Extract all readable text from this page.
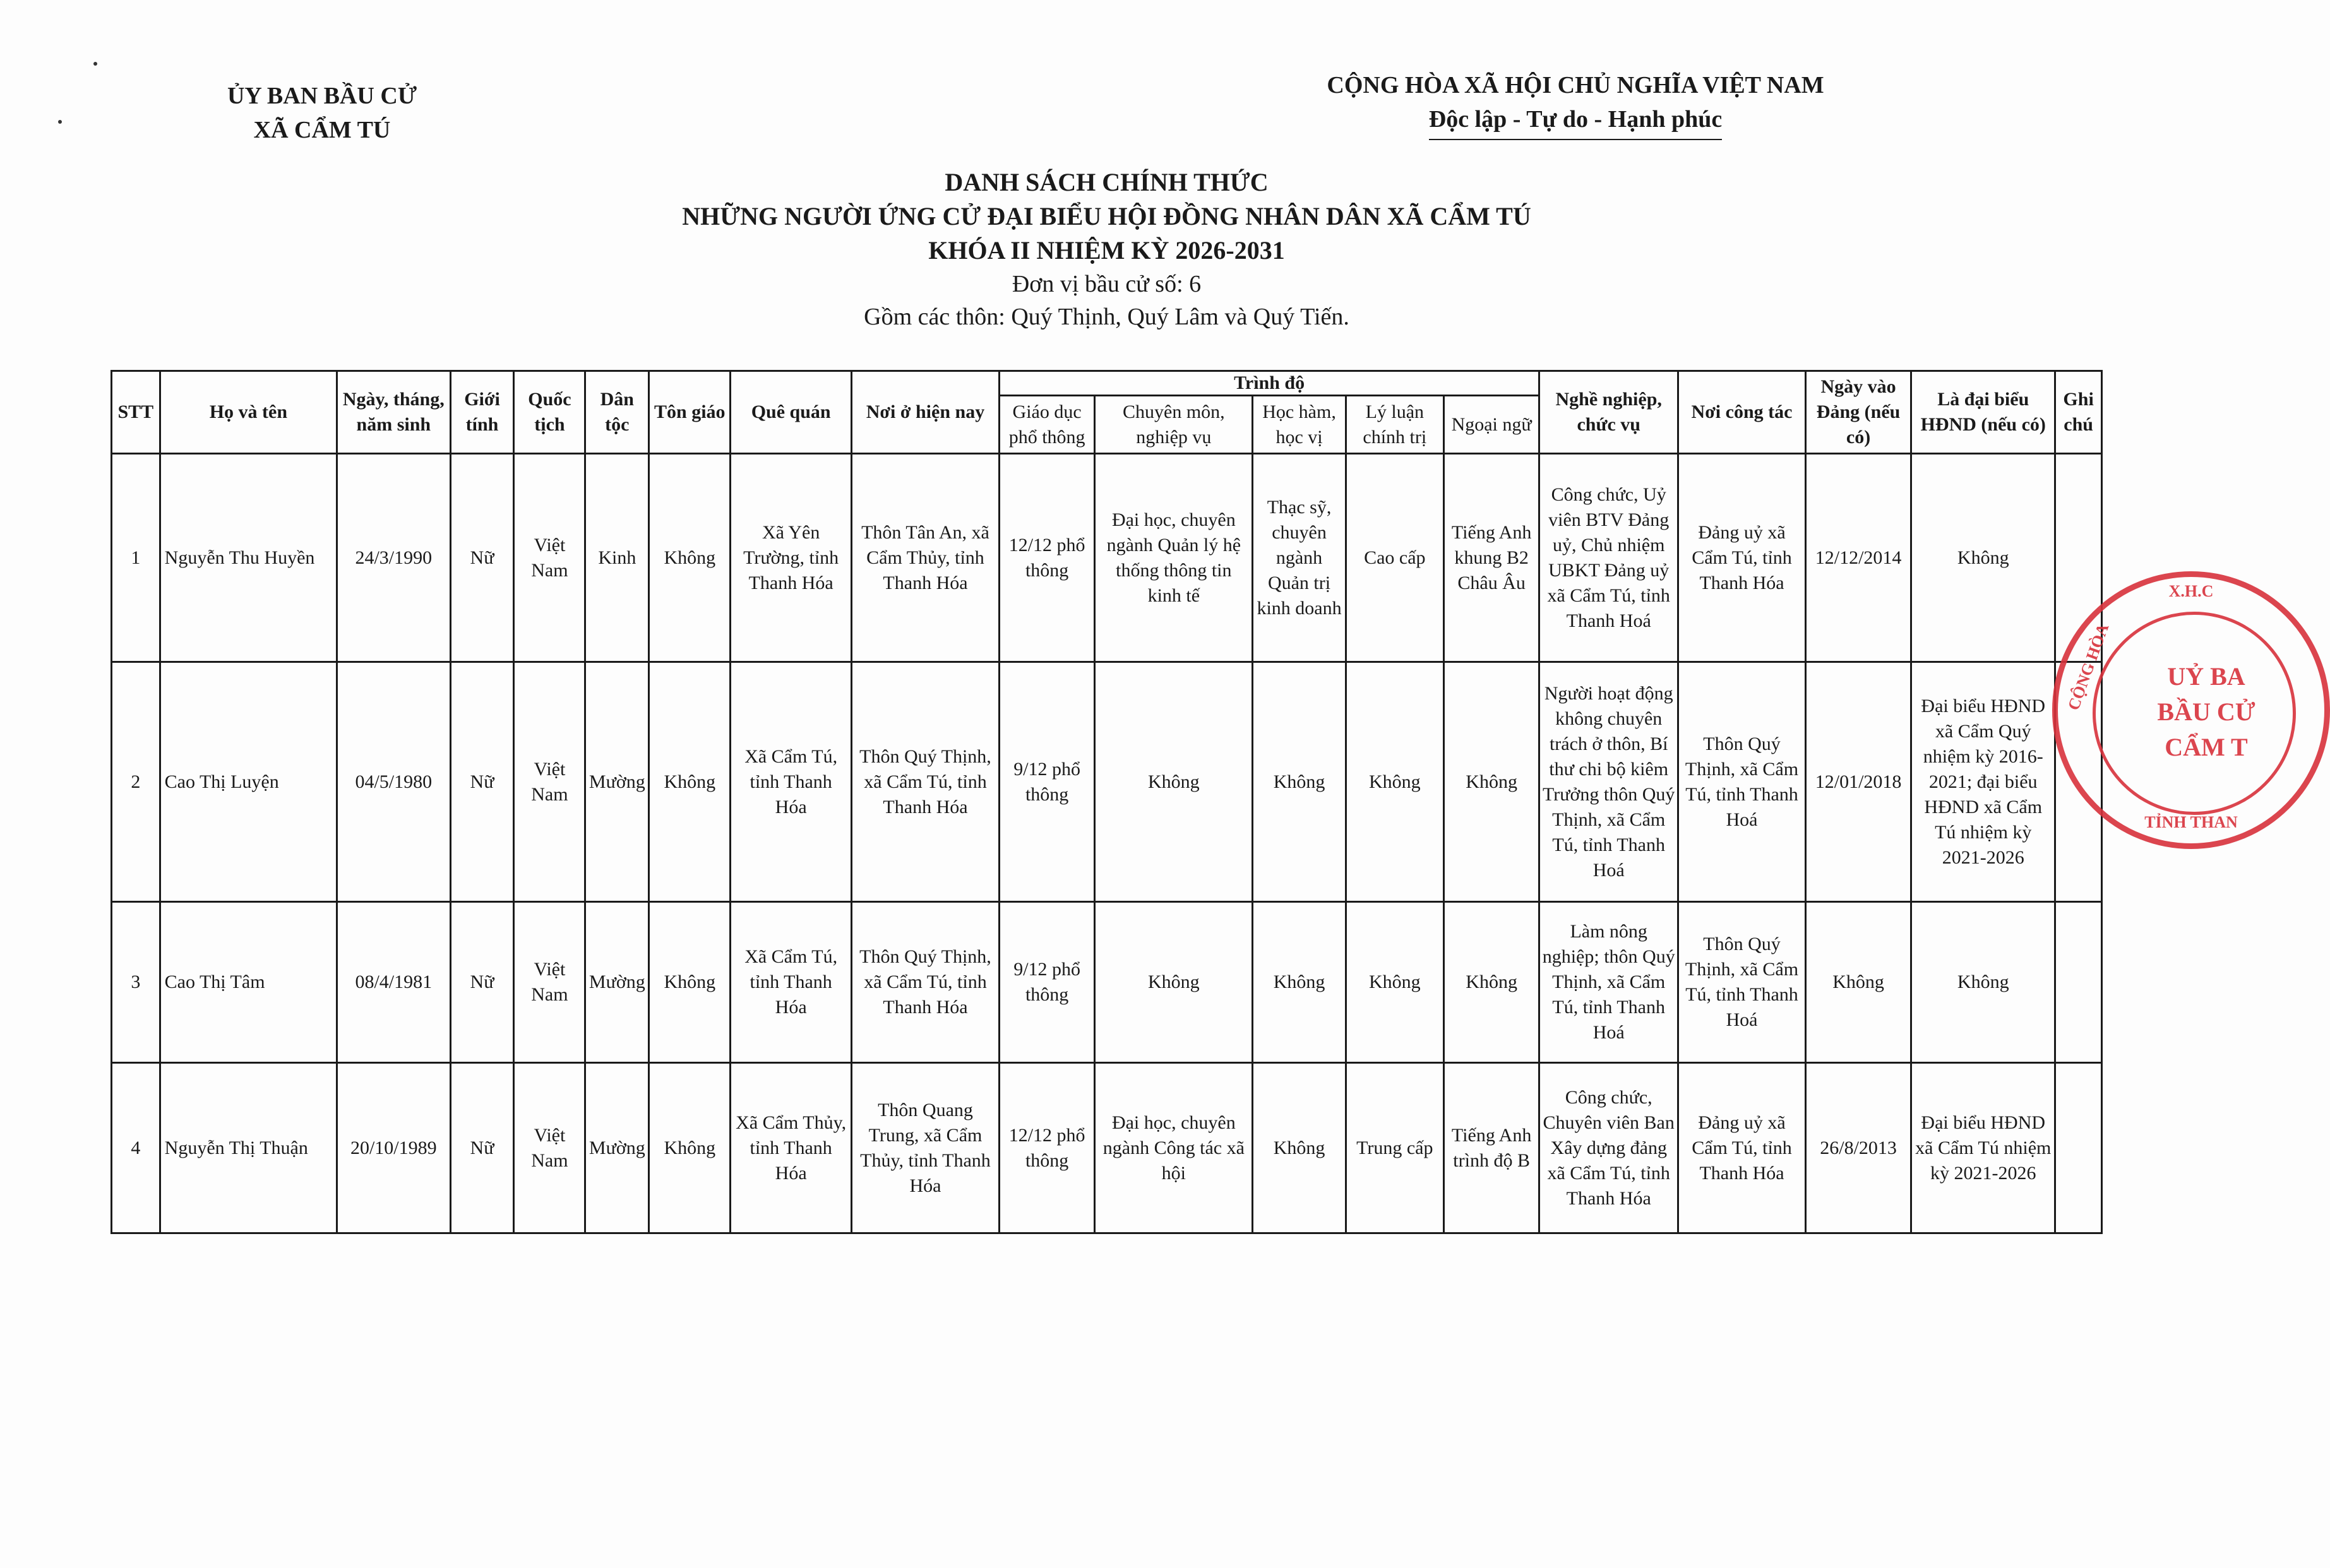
ỦY BAN BẦU CỬ
XÃ CẨM TÚ
CỘNG HÒA XÃ HỘI CHỦ NGHĨA VIỆT NAM
Độc lập - Tự do - Hạnh phúc
DANH SÁCH CHÍNH THỨC
NHỮNG NGƯỜI ỨNG CỬ ĐẠI BIỂU HỘI ĐỒNG NHÂN DÂN XÃ CẨM TÚ
KHÓA II NHIỆM KỲ 2026-2031
Đơn vị bầu cử số: 6
Gồm các thôn: Quý Thịnh, Quý Lâm và Quý Tiến.
STT	Họ và tên	Ngày, tháng, năm sinh	Giới tính	Quốc tịch	Dân tộc	Tôn giáo	Quê quán	Nơi ở hiện nay	Trình độ					Nghề nghiệp, chức vụ	Nơi công tác	Ngày vào Đảng (nếu có)	Là đại biểu HĐND (nếu có)	Ghi chú
									Giáo dục phổ thông	Chuyên môn, nghiệp vụ	Học hàm, học vị	Lý luận chính trị	Ngoại ngữ					
1	Nguyễn Thu Huyền	24/3/1990	Nữ	Việt Nam	Kinh	Không	Xã Yên Trường, tỉnh Thanh Hóa	Thôn Tân An, xã Cẩm Thủy, tỉnh Thanh Hóa	12/12 phổ thông	Đại học, chuyên ngành Quản lý hệ thống thông tin kinh tế	Thạc sỹ, chuyên ngành Quản trị kinh doanh	Cao cấp	Tiếng Anh khung B2 Châu Âu	Công chức, Uỷ viên BTV Đảng uỷ, Chủ nhiệm UBKT Đảng uỷ xã Cẩm Tú, tỉnh Thanh Hoá	Đảng uỷ xã Cẩm Tú, tỉnh Thanh Hóa	12/12/2014	Không	
2	Cao Thị Luyện	04/5/1980	Nữ	Việt Nam	Mường	Không	Xã Cẩm Tú, tỉnh Thanh Hóa	Thôn Quý Thịnh, xã Cẩm Tú, tỉnh Thanh Hóa	9/12 phổ thông	Không	Không	Không	Không	Người hoạt động không chuyên trách ở thôn, Bí thư chi bộ kiêm Trưởng thôn Quý Thịnh, xã Cẩm Tú, tỉnh Thanh Hoá	Thôn Quý Thịnh, xã Cẩm Tú, tỉnh Thanh Hoá	12/01/2018	Đại biểu HĐND xã Cẩm Quý nhiệm kỳ 2016-2021; đại biểu HĐND xã Cẩm Tú nhiệm kỳ 2021-2026	
3	Cao Thị Tâm	08/4/1981	Nữ	Việt Nam	Mường	Không	Xã Cẩm Tú, tỉnh Thanh Hóa	Thôn Quý Thịnh, xã Cẩm Tú, tỉnh Thanh Hóa	9/12 phổ thông	Không	Không	Không	Không	Làm nông nghiệp; thôn Quý Thịnh, xã Cẩm Tú, tỉnh Thanh Hoá	Thôn Quý Thịnh, xã Cẩm Tú, tỉnh Thanh Hoá	Không	Không	
4	Nguyễn Thị Thuận	20/10/1989	Nữ	Việt Nam	Mường	Không	Xã Cẩm Thủy, tỉnh Thanh Hóa	Thôn Quang Trung, xã Cẩm Thủy, tỉnh Thanh Hóa	12/12 phổ thông	Đại học, chuyên ngành Công tác xã hội	Không	Trung cấp	Tiếng Anh trình độ B	Công chức, Chuyên viên Ban Xây dựng đảng xã Cẩm Tú, tỉnh Thanh Hóa	Đảng uỷ xã Cẩm Tú, tỉnh Thanh Hóa	26/8/2013	Đại biểu HĐND xã Cẩm Tú nhiệm kỳ 2021-2026	
X.H.C
CỘNG HÒA
TỈNH THAN
UỶ BA
BẦU CỬ
CẨM T
